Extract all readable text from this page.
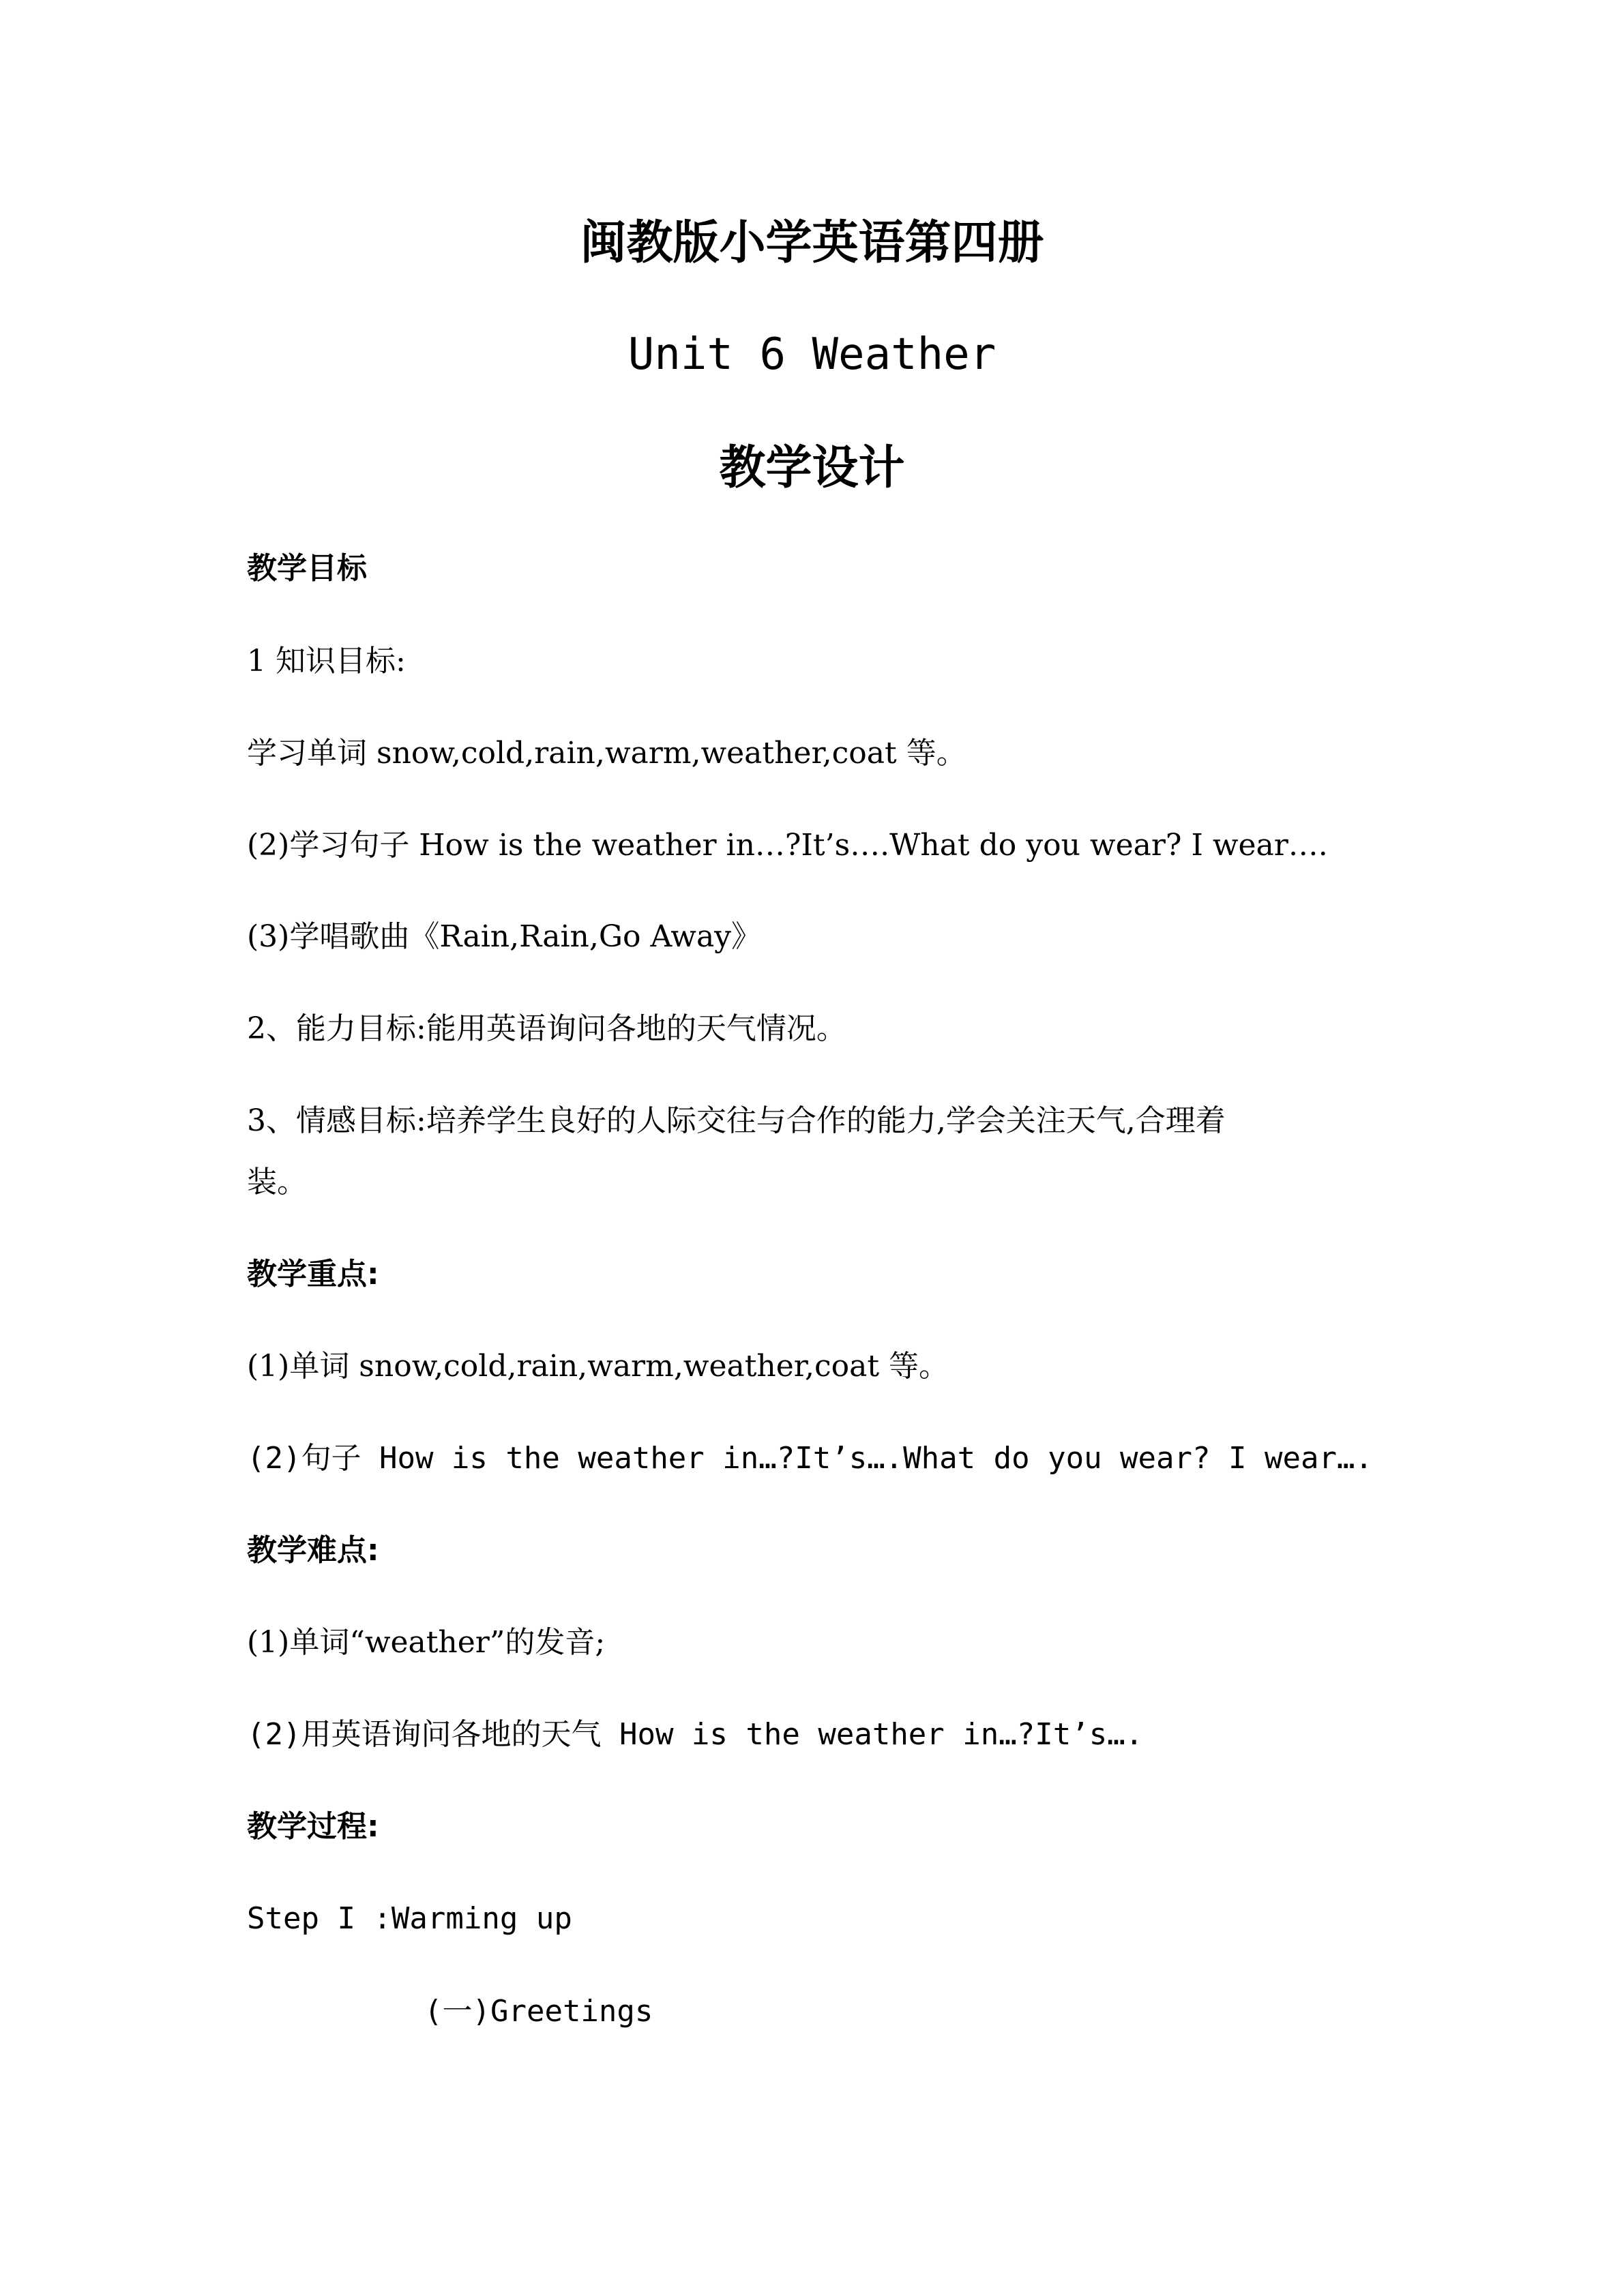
闽教版小学英语第四册
Unit 6 Weather
教学设计
教学目标
1 知识目标:
学习单词 snow,cold,rain,warm,weather,coat 等。
(2)学习句子 How is the weather in…?It’s….What do you wear? I wear….
(3)学唱歌曲《Rain,Rain,Go Away》
2、能力目标:能用英语询问各地的天气情况。
3、情感目标:培养学生良好的人际交往与合作的能力,学会关注天气,合理着
装。
教学重点:
(1)单词 snow,cold,rain,warm,weather,coat 等。
(2)句子 How is the weather in…?It’s….What do you wear? I wear….
教学难点:
(1)单词“weather”的发音;
(2)用英语询问各地的天气 How is the weather in…?It’s….
教学过程:
Step I :Warming up
(一)Greetings
